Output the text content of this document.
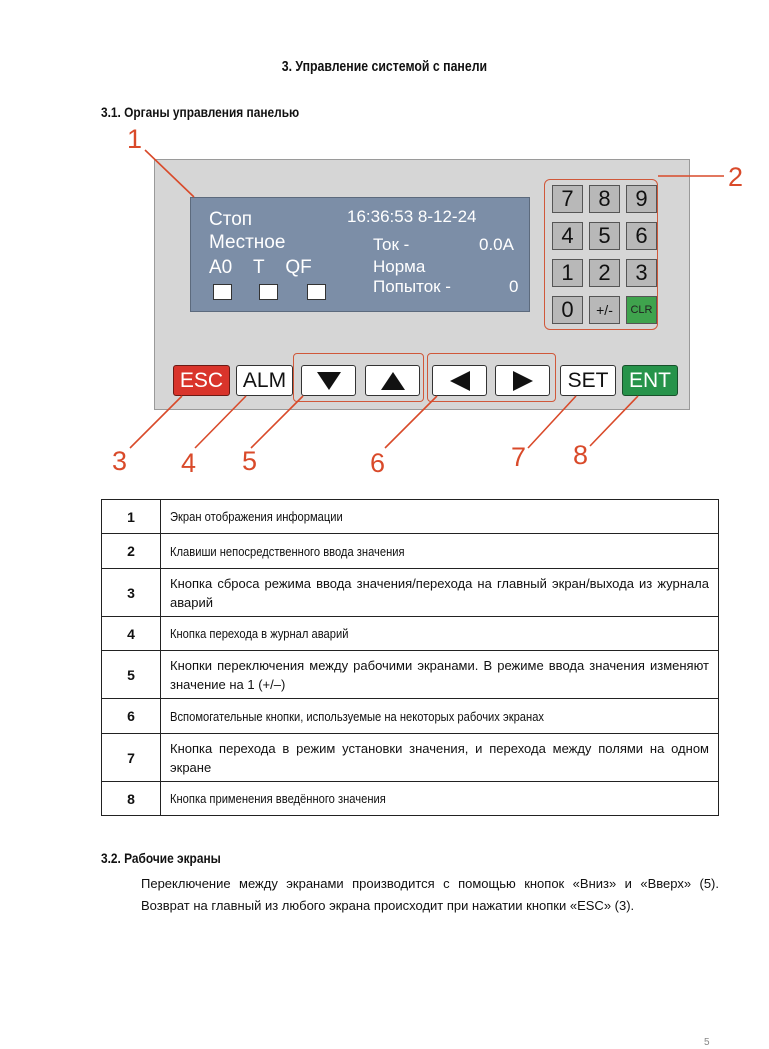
3. Управление системой с панели
3.1. Органы управления панелью
Стоп	16:36:53 8-12-24
Местное	Ток -	0.0A
A0    T    QF	Норма
Попыток -	0
7	8	9
4	5	6
1	2	3
0	+/-	CLR
ESC ALM	SET ENT
1
2
3 4 5	6	7 8
1	Экран отображения информации
2	Клавиши непосредственного ввода значения
3	Кнопка сброса режима ввода значения/перехода на главный экран/выхода из журнала аварий
4	Кнопка перехода в журнал аварий
5	Кнопки переключения между рабочими экранами. В режиме ввода значения изменяют значение на 1 (+/–)
6	Вспомогательные кнопки, используемые на некоторых рабочих экранах
7	Кнопка перехода в режим установки значения, и перехода между полями на одном экране
8	Кнопка применения введённого значения
3.2. Рабочие экраны

Переключение между экранами производится с помощью кнопок «Вниз» и «Вверх» (5). Возврат на главный из любого экрана происходит при нажатии кнопки «ESC» (3).

5
